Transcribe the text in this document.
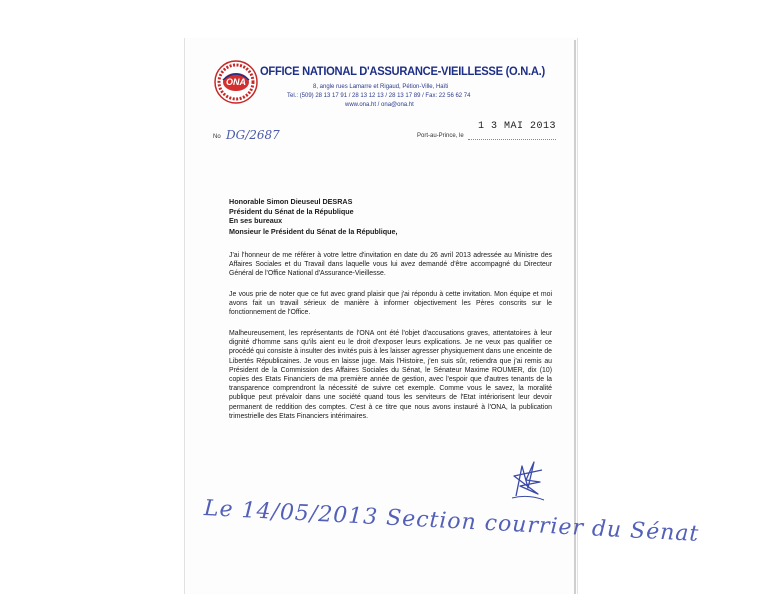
ONA
OFFICE NATIONAL D'ASSURANCE-VIEILLESSE (O.N.A.)
8, angle rues Lamarre et Rigaud, Pétion-Ville, Haïti
Tel.: (509) 28 13 17 91 / 28 13 12 13 / 28 13 17 89 / Fax: 22 56 62 74
www.ona.ht / ona@ona.ht
No DG/2687
1 3 MAI 2013
Port-au-Prince, le
Honorable Simon Dieuseul DESRAS
Président du Sénat de la République
En ses bureaux
Monsieur le Président du Sénat de la République,
J'ai l'honneur de me référer à votre lettre d'invitation en date du 26 avril 2013 adressée au Ministre des Affaires Sociales et du Travail dans laquelle vous lui avez demandé d'être accompagné du Directeur Général de l'Office National d'Assurance-Vieillesse.
Je vous prie de noter que ce fut avec grand plaisir que j'ai répondu à cette invitation. Mon équipe et moi avons fait un travail sérieux de manière à informer objectivement les Pères conscrits sur le fonctionnement de l'Office.
Malheureusement, les représentants de l'ONA ont été l'objet d'accusations graves, attentatoires à leur dignité d'homme sans qu'ils aient eu le droit d'exposer leurs explications. Je ne veux pas qualifier ce procédé qui consiste à insulter des invités puis à les laisser agresser physiquement dans une enceinte de Libertés Républicaines. Je vous en laisse juge. Mais l'Histoire, j'en suis sûr, retiendra que j'ai remis au Président de la Commission des Affaires Sociales du Sénat, le Sénateur Maxime ROUMER, dix (10) copies des Etats Financiers de ma première année de gestion, avec l'espoir que d'autres tenants de la transparence comprendront la nécessité de suivre cet exemple. Comme vous le savez, la moralité publique peut prévaloir dans une société quand tous les serviteurs de l'Etat intériorisent leur devoir permanent de reddition des comptes. C'est à ce titre que nous avons instauré à l'ONA, la publication trimestrielle des Etats Financiers intérimaires.
Le 14/05/2013 Section courrier du Sénat
